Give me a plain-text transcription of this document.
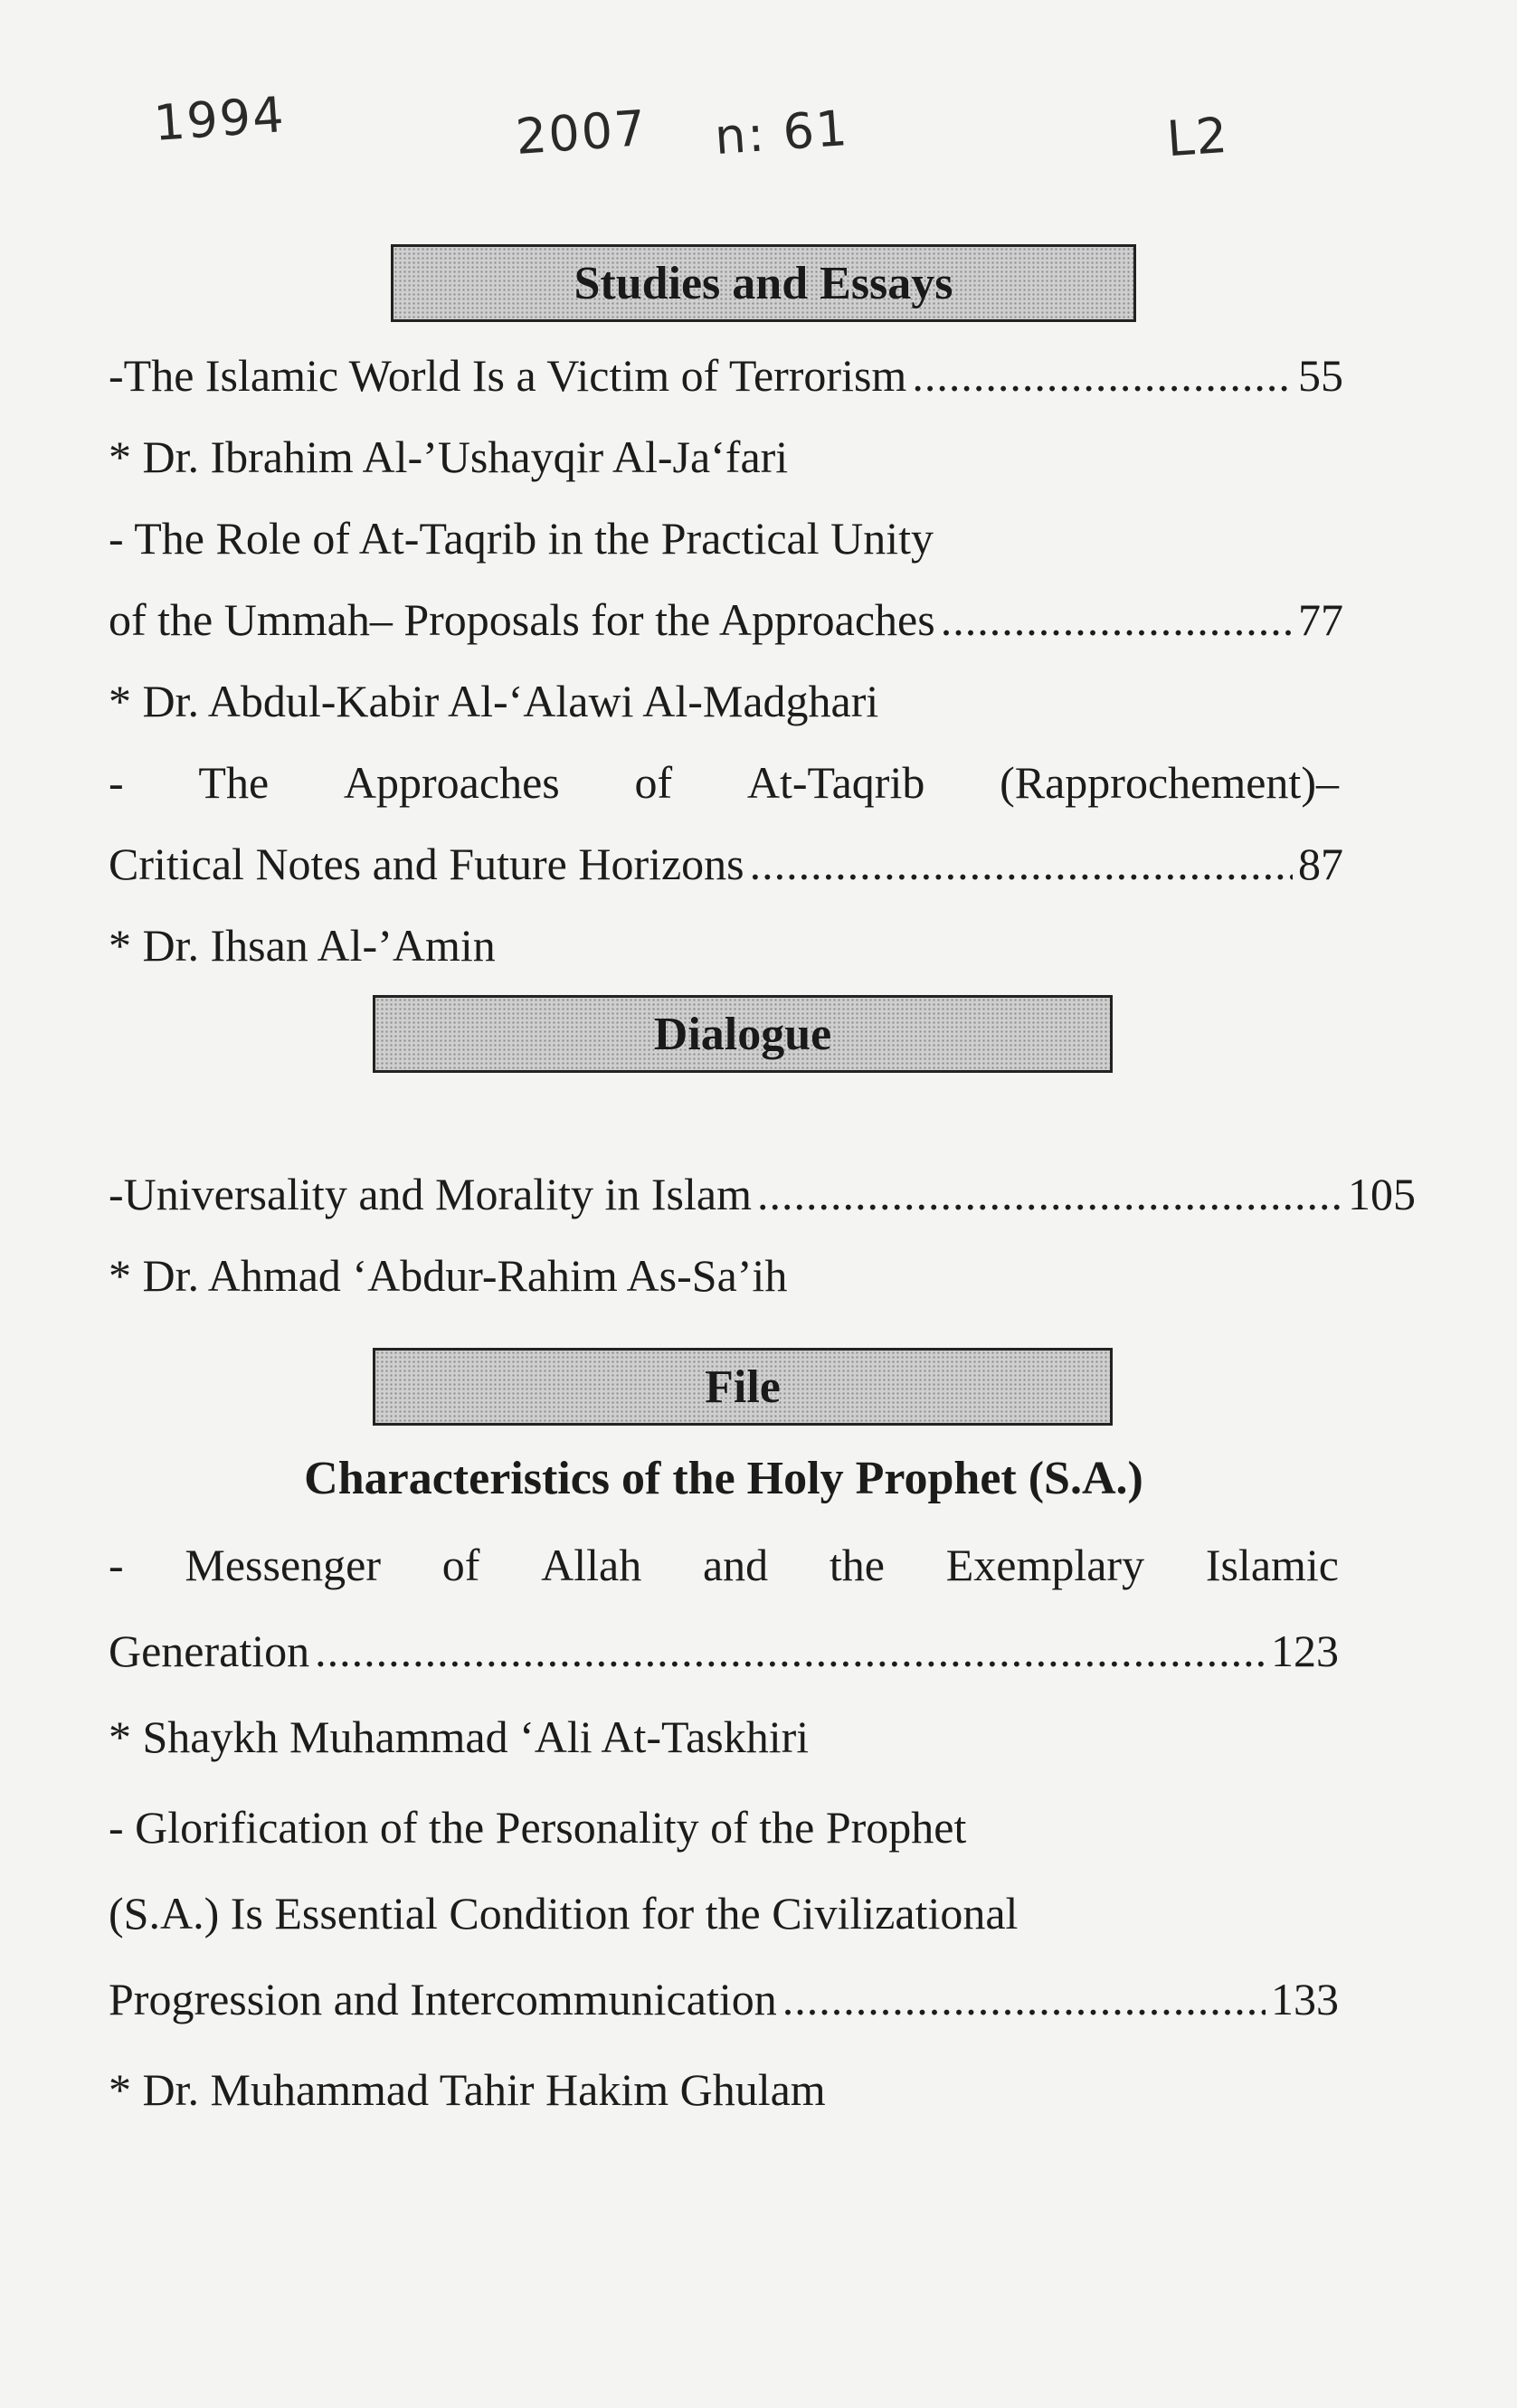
1994	2007 n: 61	L2
Studies and Essays
-The Islamic World Is a Victim of Terrorism .....	55
* Dr. Ibrahim Al-’Ushayqir Al-Ja‘fari
- The Role of At-Taqrib in the Practical Unity
of the Ummah– Proposals for the Approaches .....	77
* Dr. Abdul-Kabir Al-‘Alawi Al-Madghari
- The Approaches of At-Taqrib (Rapprochement)–
Critical Notes and Future Horizons .....	87
* Dr. Ihsan Al-’Amin
Dialogue
-Universality and Morality in Islam .....	105
* Dr. Ahmad ‘Abdur-Rahim As-Sa’ih
File
Characteristics of the Holy Prophet (S.A.)
- Messenger of Allah and the Exemplary Islamic
Generation .....	123
* Shaykh Muhammad ‘Ali At-Taskhiri
- Glorification of the Personality of the Prophet
(S.A.) Is Essential Condition for the Civilizational
Progression and Intercommunication .....	133
* Dr. Muhammad Tahir Hakim Ghulam
